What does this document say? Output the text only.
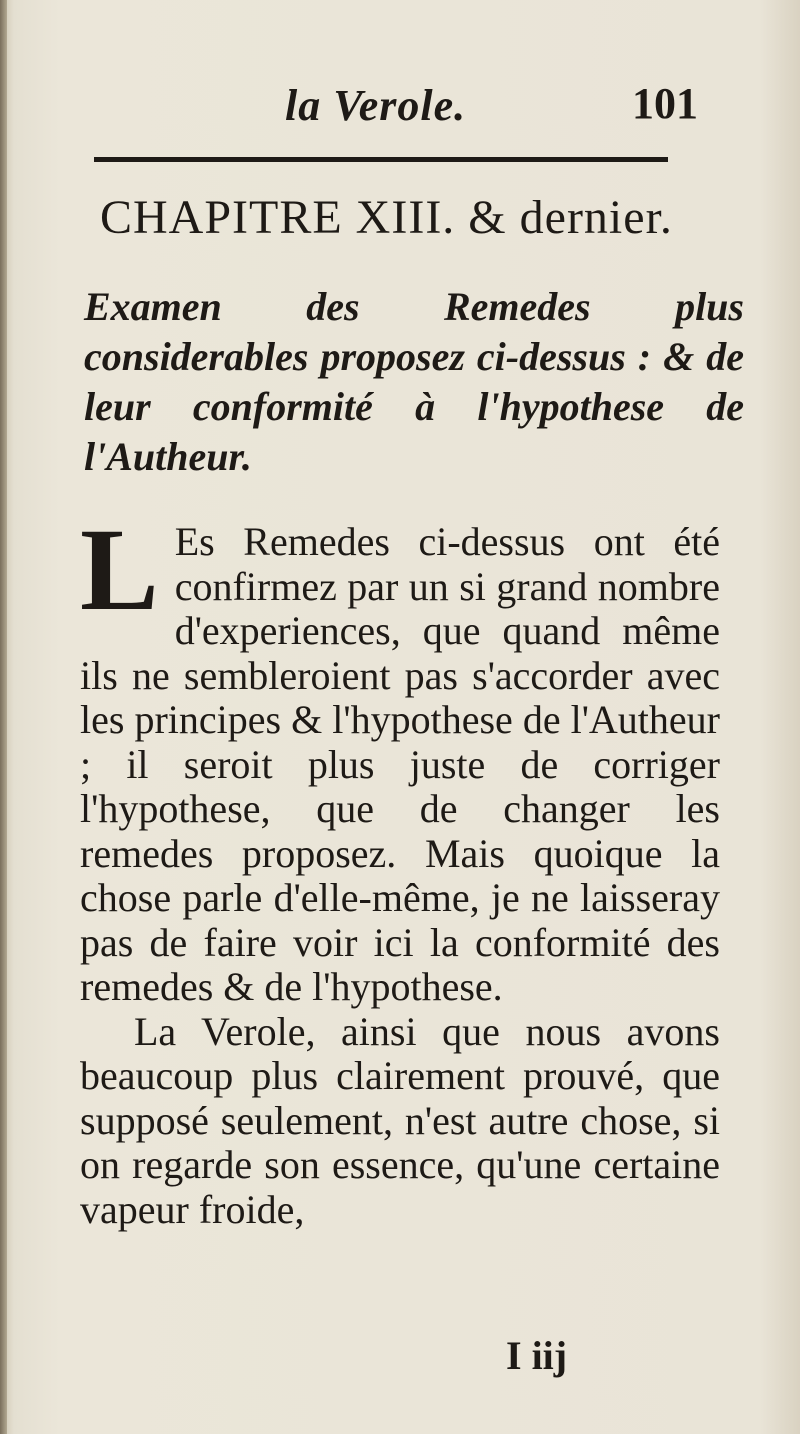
la Verole.	101
CHAPITRE XIII. & dernier.
Examen des Remedes plus considerables proposez ci-dessus : & de leur conformité à l'hypothese de l'Autheur.

L Es Remedes ci-dessus ont été confirmez par un si grand nombre d'experiences, que quand même ils ne sembleroient pas s'accorder avec les principes & l'hypothese de l'Autheur ; il seroit plus juste de corriger l'hypothese, que de changer les remedes proposez. Mais quoique la chose parle d'elle-même, je ne laisseray pas de faire voir ici la conformité des remedes & de l'hypothese.

La Verole, ainsi que nous avons beaucoup plus clairement prouvé, que supposé seulement, n'est autre chose, si on regarde son essence, qu'une certaine vapeur froide,

I iij
